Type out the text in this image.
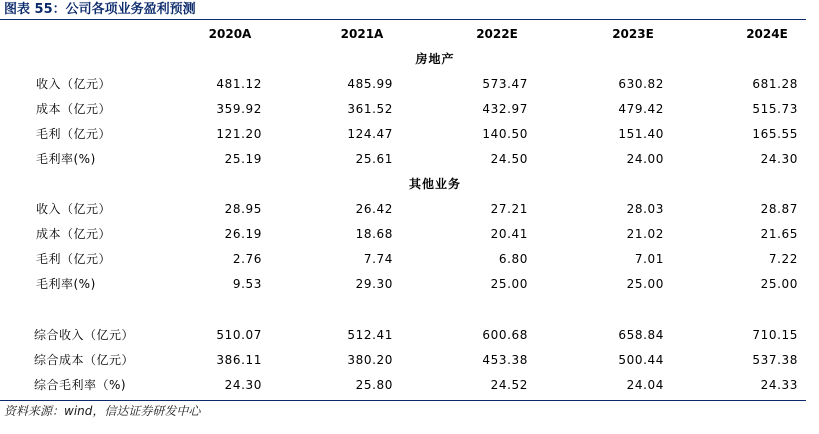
图表 55：公司各项业务盈利预测
2020A	2021A	2022E	2023E	2024E
房地产
收入（亿元）	481.12	485.99	573.47	630.82	681.28
成本（亿元）	359.92	361.52	432.97	479.42	515.73
毛利（亿元）	121.20	124.47	140.50	151.40	165.55
毛利率(%)	25.19	25.61	24.50	24.00	24.30
其他业务
收入（亿元）	28.95	26.42	27.21	28.03	28.87
成本（亿元）	26.19	18.68	20.41	21.02	21.65
毛利（亿元）	2.76	7.74	6.80	7.01	7.22
毛利率(%)	9.53	29.30	25.00	25.00	25.00
综合收入（亿元）	510.07	512.41	600.68	658.84	710.15
综合成本（亿元）	386.11	380.20	453.38	500.44	537.38
综合毛利率（%)	24.30	25.80	24.52	24.04	24.33
资料来源：wind，信达证券研发中心
